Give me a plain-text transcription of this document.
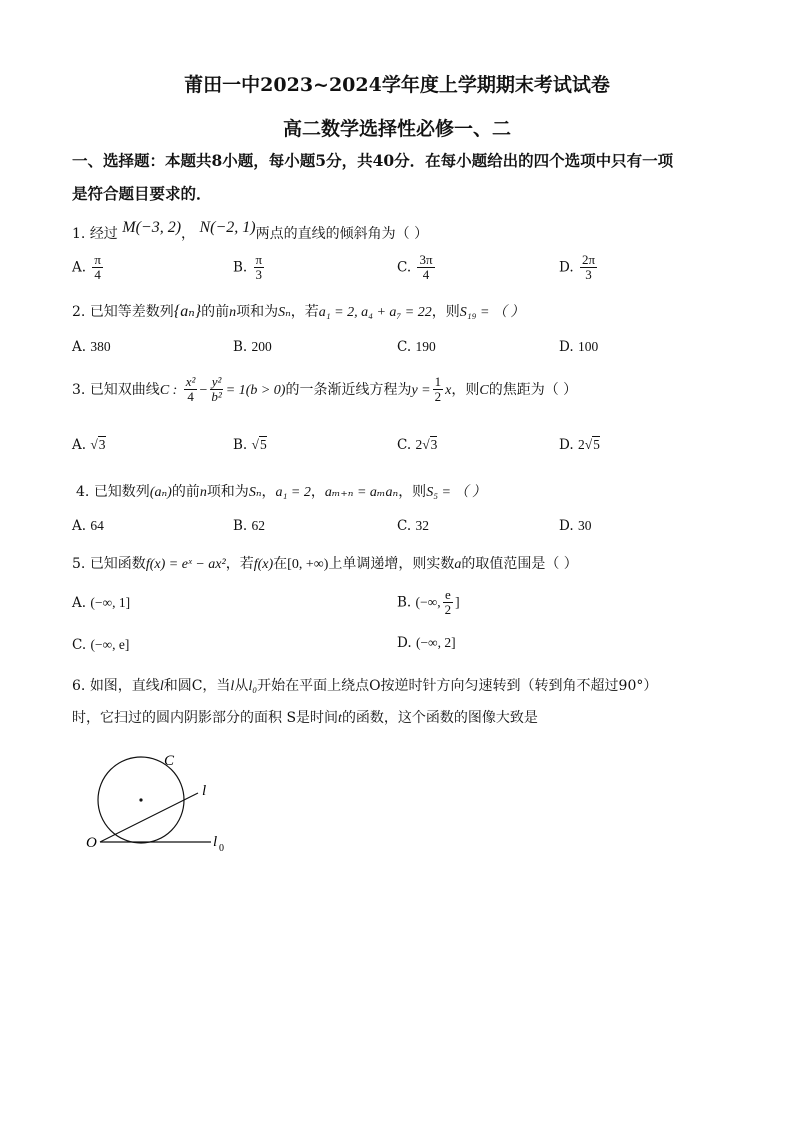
莆田一中2023~2024学年度上学期期末考试试卷
高二数学选择性必修一、二
一、选择题：本题共8小题，每小题5分，共40分．在每小题给出的四个选项中只有一项
是符合题目要求的．
1. 经过 M(−3, 2)， N(−2, 1)两点的直线的倾斜角为（ ）
A. $\frac{\pi}{4}$	B. $\frac{\pi}{3}$	C. $\frac{3\pi}{4}$	D. $\frac{2\pi}{3}$
2. 已知等差数列{aₙ}的前n项和为Sₙ，若a₁ = 2, a₄ + a₇ = 22，则S₁₉ = （ ）
A. 380	B. 200	C. 190	D. 100
3. 已知双曲线C : $\frac{\text{x²}}{4} - \frac{\text{y²}}{\text{b²}} = 1(b > 0)$的一条渐近线方程为$y = \frac{1}{2}$ x，则C的焦距为（ ）
A. √3	B. √5	C. 2√3	D. 2√5
4. 已知数列(aₙ)的前n项和为Sₙ，a₁ = 2，aₘ₊ₙ = aₘaₙ，则S₅ = （ ）
A. 64	B. 62	C. 32	D. 30
5. 已知函数f(x) = eˣ − ax²，若f(x)在[0, +∞)上单调递增，则实数a的取值范围是（ ）
A. (−∞, 1]	B. (−∞, $\frac{e}{2}$ ]
C. (−∞, e]	D. (−∞, 2]
6. 如图，直线l和圆C，当l从l₀开始在平面上绕点O按逆时针方向匀速转到（转到角不超过90°）
时，它扫过的圆内阴影部分的面积 S是时间t的函数，这个函数的图像大致是
C
l
O	l 0
